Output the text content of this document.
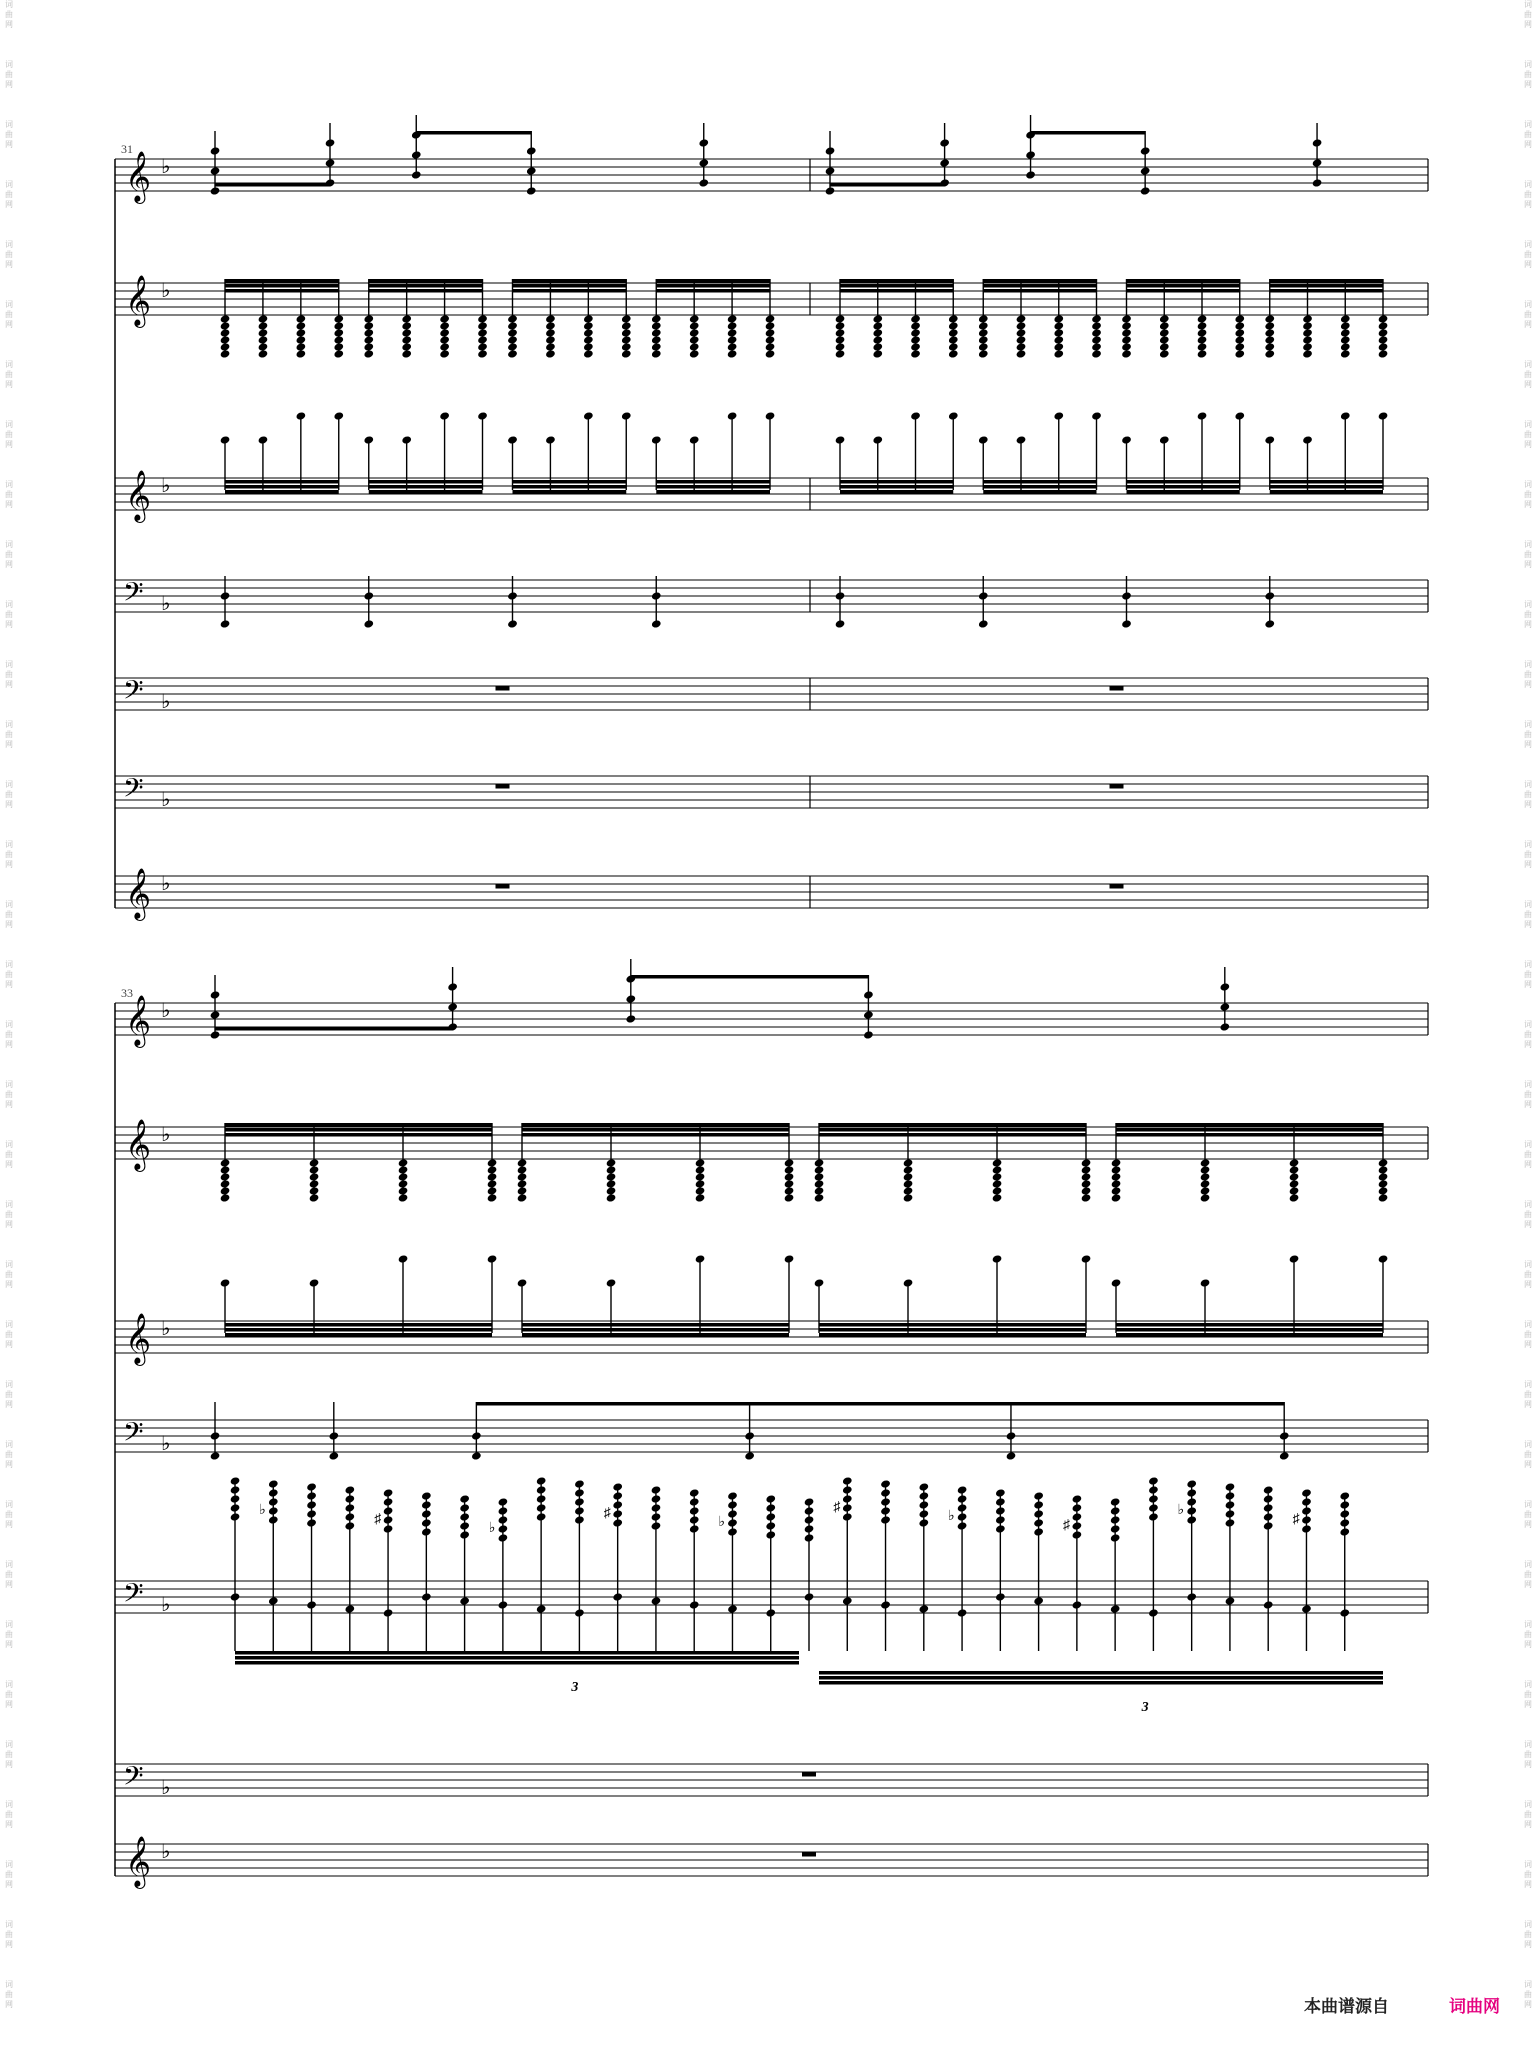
词
曲
网
词
曲
网
词
曲
网
词
曲
网
词
曲
网
词
曲
网
词
曲
网
词
曲
网
词
曲
网
词
曲
网
词
曲
网
词
曲
网
词
曲
网
词
曲
网
词
曲
网
词
曲
网
词
曲
网
词
曲
网
词
曲
网
词
曲
网
词
曲
网
词
曲
网
词
曲
网
词
曲
网
词
曲
网
词
曲
网
词
曲
网
词
曲
网
词
曲
网
词
曲
网
词
曲
网
词
曲
网
词
曲
网
词
曲
网
词
曲
网
词
曲
网
词
曲
网
词
曲
网
词
曲
网
词
曲
网
词
曲
网
词
曲
网
词
曲
网
词
曲
网
词
曲
网
词
曲
网
词
曲
网
词
曲
网
词
曲
网
词
曲
网
词
曲
网
词
曲
网
词
曲
网
词
曲
网
词
曲
网
词
曲
网
词
曲
网
词
曲
网
词
曲
网
词
曲
网
词
曲
网
词
曲
网
词
曲
网
词
曲
网
词
曲
网
词
曲
网
词
曲
网
词
曲
网
31
𝄞 ♭
𝄞 ♭
𝄞 ♭
𝄢 ♭
𝄢 ♭
𝄢 ♭
𝄞 ♭
33
𝄞 ♭
𝄞 ♭
𝄞 ♭
𝄢 ♭
𝄢 ♭
♭
♯
♭
♯
♭
♯
♭
♯
♭
♯
3
3
𝄢 ♭
𝄞 ♭
本曲谱源自	词曲网
